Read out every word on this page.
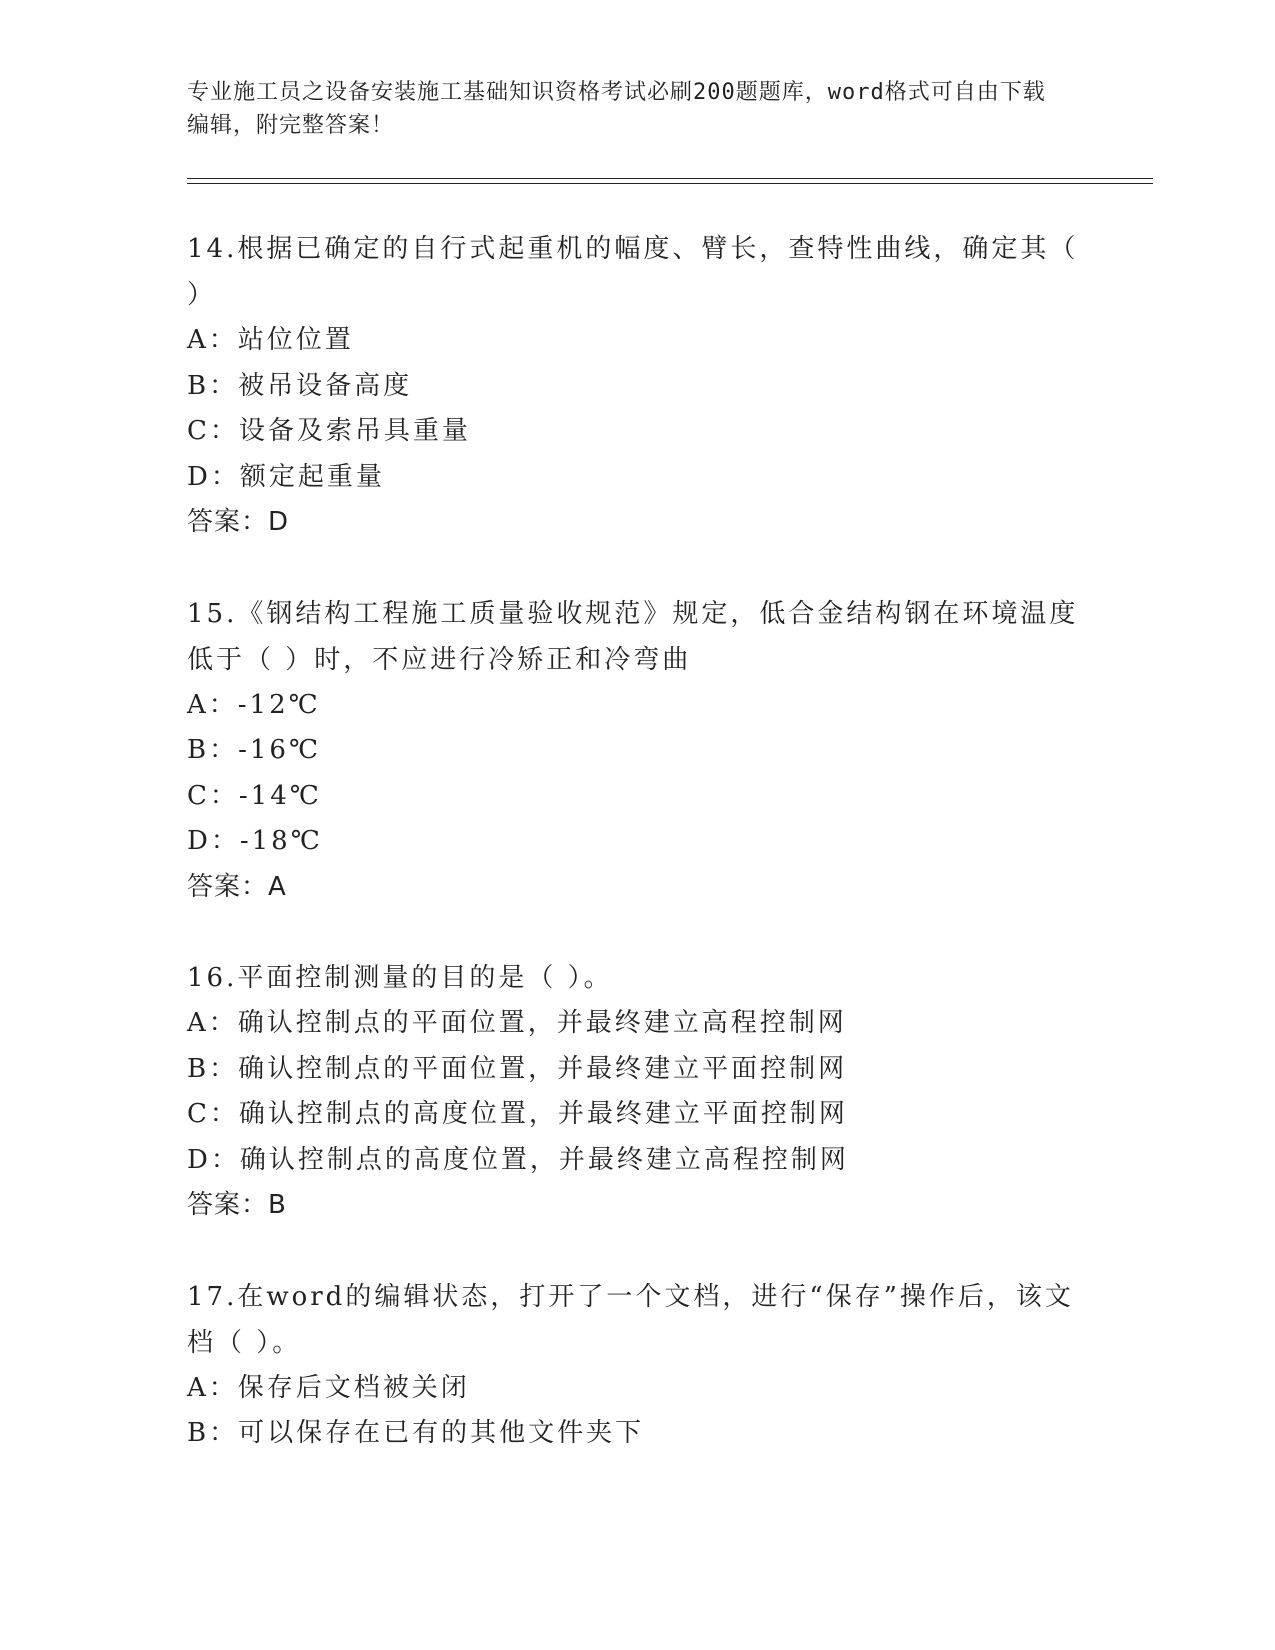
专业施工员之设备安装施工基础知识资格考试必刷200题题库，word格式可自由下载编辑，附完整答案！
14.根据已确定的自行式起重机的幅度、臂长，查特性曲线，确定其（ ）
A：站位位置
B：被吊设备高度
C：设备及索吊具重量
D：额定起重量
答案：D
15.《钢结构工程施工质量验收规范》规定，低合金结构钢在环境温度低于（ ）时，不应进行冷矫正和冷弯曲
A：-12℃
B：-16℃
C：-14℃
D：-18℃
答案：A
16.平面控制测量的目的是（ ）。
A：确认控制点的平面位置，并最终建立高程控制网
B：确认控制点的平面位置，并最终建立平面控制网
C：确认控制点的高度位置，并最终建立平面控制网
D：确认控制点的高度位置，并最终建立高程控制网
答案：B
17.在word的编辑状态，打开了一个文档，进行“保存”操作后，该文档（ ）。
A：保存后文档被关闭
B：可以保存在已有的其他文件夹下
